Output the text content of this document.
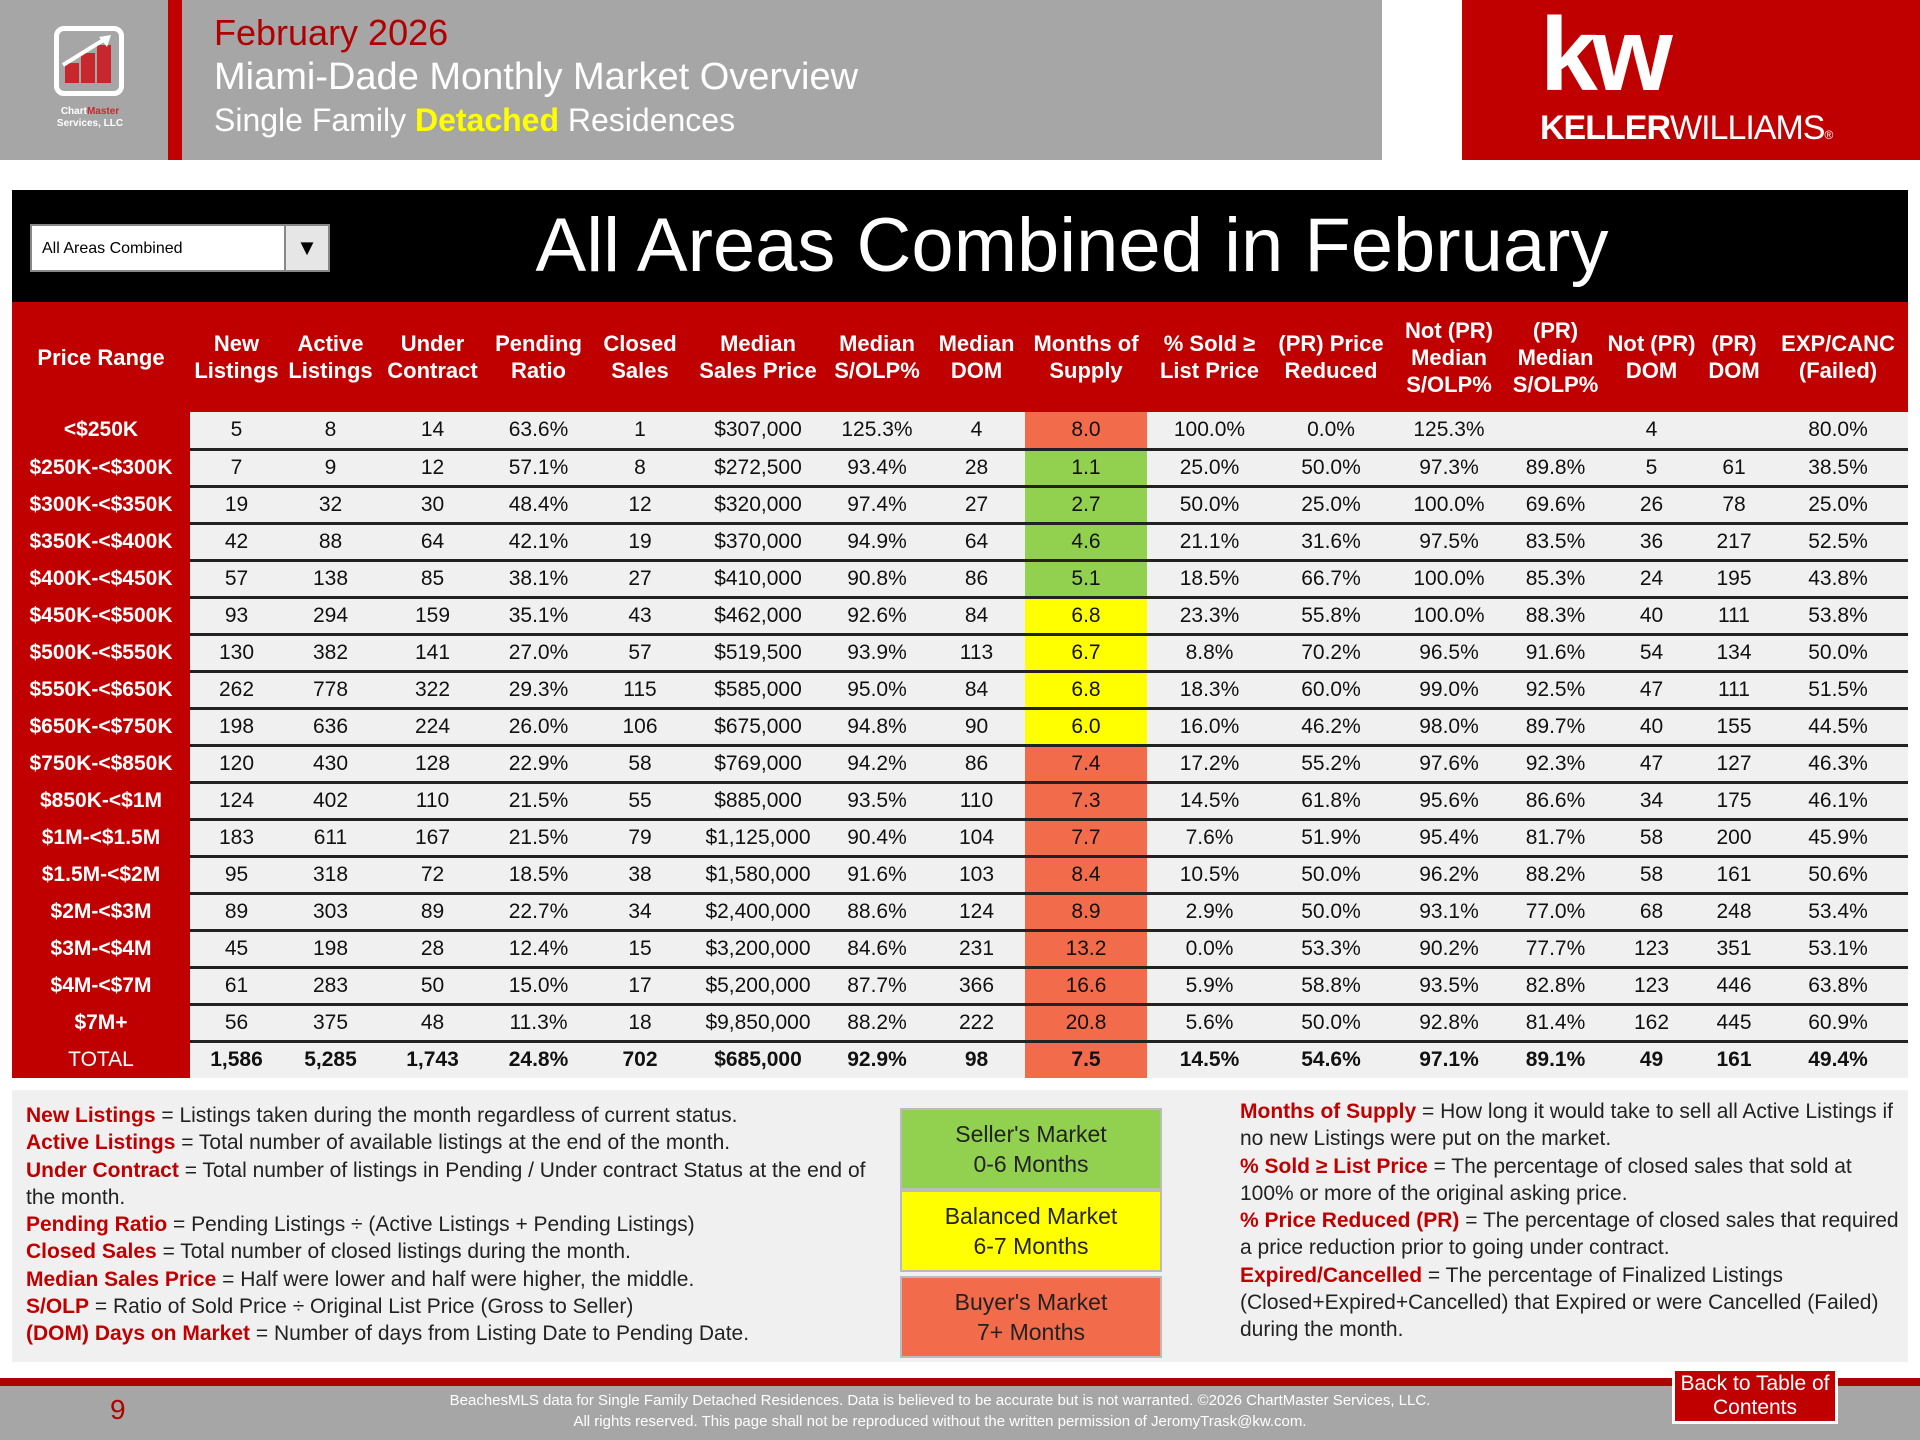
ChartMaster
Services, LLC
February 2026
Miami-Dade Monthly Market Overview
Single Family Detached Residences
kw
KELLERWILLIAMS®
All Areas Combined	▼	All Areas Combined in February
Price Range	New Listings	Active Listings	Under Contract	Pending Ratio	Closed Sales	Median Sales Price	Median S/OLP%	Median DOM	Months of Supply	% Sold ≥ List Price	(PR) Price Reduced	Not (PR) Median S/OLP%	(PR) Median S/OLP%	Not (PR) DOM	(PR) DOM	EXP/CANC (Failed)
<$250K	5	8	14	63.6%	1	$307,000	125.3%	4	8.0	100.0%	0.0%	125.3%		4		80.0%
$250K-<$300K	7	9	12	57.1%	8	$272,500	93.4%	28	1.1	25.0%	50.0%	97.3%	89.8%	5	61	38.5%
$300K-<$350K	19	32	30	48.4%	12	$320,000	97.4%	27	2.7	50.0%	25.0%	100.0%	69.6%	26	78	25.0%
$350K-<$400K	42	88	64	42.1%	19	$370,000	94.9%	64	4.6	21.1%	31.6%	97.5%	83.5%	36	217	52.5%
$400K-<$450K	57	138	85	38.1%	27	$410,000	90.8%	86	5.1	18.5%	66.7%	100.0%	85.3%	24	195	43.8%
$450K-<$500K	93	294	159	35.1%	43	$462,000	92.6%	84	6.8	23.3%	55.8%	100.0%	88.3%	40	111	53.8%
$500K-<$550K	130	382	141	27.0%	57	$519,500	93.9%	113	6.7	8.8%	70.2%	96.5%	91.6%	54	134	50.0%
$550K-<$650K	262	778	322	29.3%	115	$585,000	95.0%	84	6.8	18.3%	60.0%	99.0%	92.5%	47	111	51.5%
$650K-<$750K	198	636	224	26.0%	106	$675,000	94.8%	90	6.0	16.0%	46.2%	98.0%	89.7%	40	155	44.5%
$750K-<$850K	120	430	128	22.9%	58	$769,000	94.2%	86	7.4	17.2%	55.2%	97.6%	92.3%	47	127	46.3%
$850K-<$1M	124	402	110	21.5%	55	$885,000	93.5%	110	7.3	14.5%	61.8%	95.6%	86.6%	34	175	46.1%
$1M-<$1.5M	183	611	167	21.5%	79	$1,125,000	90.4%	104	7.7	7.6%	51.9%	95.4%	81.7%	58	200	45.9%
$1.5M-<$2M	95	318	72	18.5%	38	$1,580,000	91.6%	103	8.4	10.5%	50.0%	96.2%	88.2%	58	161	50.6%
$2M-<$3M	89	303	89	22.7%	34	$2,400,000	88.6%	124	8.9	2.9%	50.0%	93.1%	77.0%	68	248	53.4%
$3M-<$4M	45	198	28	12.4%	15	$3,200,000	84.6%	231	13.2	0.0%	53.3%	90.2%	77.7%	123	351	53.1%
$4M-<$7M	61	283	50	15.0%	17	$5,200,000	87.7%	366	16.6	5.9%	58.8%	93.5%	82.8%	123	446	63.8%
$7M+	56	375	48	11.3%	18	$9,850,000	88.2%	222	20.8	5.6%	50.0%	92.8%	81.4%	162	445	60.9%
TOTAL	1,586	5,285	1,743	24.8%	702	$685,000	92.9%	98	7.5	14.5%	54.6%	97.1%	89.1%	49	161	49.4%
New Listings = Listings taken during the month regardless of current status.
Active Listings = Total number of available listings at the end of the month.
Under Contract = Total number of listings in Pending / Under contract Status at the end of the month.
Pending Ratio = Pending Listings ÷ (Active Listings + Pending Listings)
Closed Sales = Total number of closed listings during the month.
Median Sales Price = Half were lower and half were higher, the middle.
S/OLP = Ratio of Sold Price ÷ Original List Price (Gross to Seller)
(DOM) Days on Market = Number of days from Listing Date to Pending Date.
Seller's Market
0-6 Months
Balanced Market
6-7 Months
Buyer's Market
7+ Months
Months of Supply = How long it would take to sell all Active Listings if no new Listings were put on the market.
% Sold ≥ List Price = The percentage of closed sales that sold at 100% or more of the original asking price.
% Price Reduced (PR) = The percentage of closed sales that required a price reduction prior to going under contract.
Expired/Cancelled = The percentage of Finalized Listings (Closed+Expired+Cancelled) that Expired or were Cancelled (Failed) during the month.
9	BeachesMLS data for Single Family Detached Residences. Data is believed to be accurate but is not warranted. ©2026 ChartMaster Services, LLC.
All rights reserved. This page shall not be reproduced without the written permission of JeromyTrask@kw.com.
Back to Table of Contents
